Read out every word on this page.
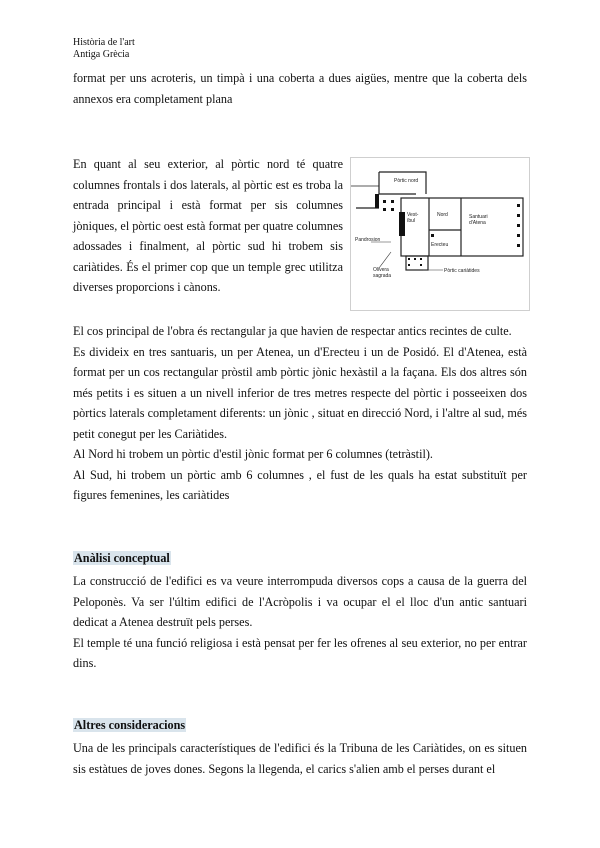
Història de l'art
Antiga Grècia

format per uns acroteris, un timpà i una coberta a dues aigües, mentre que la coberta dels annexos era completament plana

En quant al seu exterior, al pòrtic nord té quatre columnes frontals i dos laterals, al pòrtic est es troba la entrada principal i està format per sis columnes jòniques, el pòrtic oest està format per quatre columnes adossades i finalment, al pòrtic sud hi trobem sis cariàtides. És el primer cop que un temple grec utilitza diverses proporcions i cànons.

Pòrtic nord
Vest-íbul
Nord	Santuari d'Atena
Erecteu
Pandrosion
Olivera sagrada
Pòrtic cariàtides

El cos principal de l'obra és rectangular ja que havien de respectar antics recintes de culte.

Es divideix en tres santuaris, un per Atenea, un d'Erecteu i un de Posidó. El d'Atenea, està format per un cos rectangular pròstil amb pòrtic jònic hexàstil a la façana. Els dos altres són més petits i es situen a un nivell inferior de tres metres respecte del pòrtic i posseeixen dos pòrtics laterals completament diferents: un jònic , situat en direcció Nord, i l'altre al sud, més petit conegut per les Cariàtides.

Al Nord hi trobem un pòrtic d'estil jònic format per 6 columnes (tetràstil).

Al Sud, hi trobem un pòrtic amb 6 columnes , el fust de les quals ha estat substituït per figures femenines, les cariàtides

Anàlisi conceptual

La construcció de l'edifici es va veure interrompuda diversos cops a causa de la guerra del Peloponès. Va ser l'últim edifici de l'Acròpolis i va ocupar el el lloc d'un antic santuari dedicat a Atenea destruït pels perses.

El temple té una funció religiosa i està pensat per fer les ofrenes al seu exterior, no per entrar dins.

Altres consideracions

Una de les principals característiques de l'edifici és la Tribuna de les Cariàtides, on es situen sis estàtues de joves dones. Segons la llegenda, el carics s'alien amb el perses durant el
